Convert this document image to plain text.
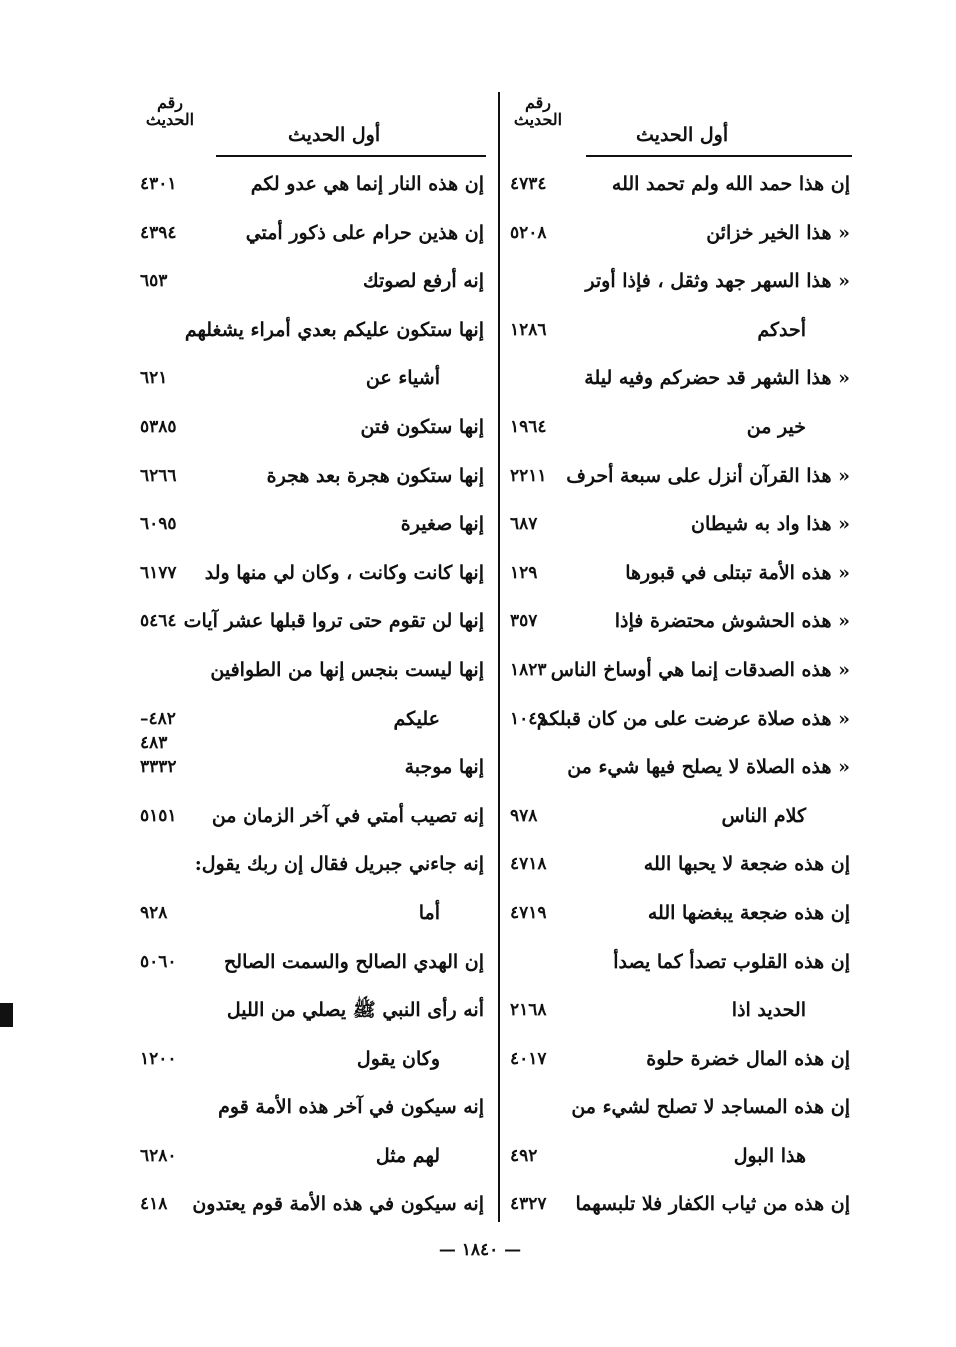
رقم
الحديث
أول الحديث
إن هذا حمد الله ولم تحمد الله
٤٧٣٤
« هذا الخير خزائن
٥٢٠٨
« هذا السهر جهد وثقل ، فإذا أوتر
أحدكم
١٢٨٦
« هذا الشهر قد حضركم وفيه ليلة
خير من
١٩٦٤
« هذا القرآن أنزل على سبعة أحرف
٢٢١١
« هذا واد به شيطان
٦٨٧
« هذه الأمة تبتلى في قبورها
١٢٩
« هذه الحشوش محتضرة فإذا
٣٥٧
« هذه الصدقات إنما هي أوساخ الناس
١٨٢٣
« هذه صلاة عرضت على من كان قبلكم
١٠٤٩
« هذه الصلاة لا يصلح فيها شيء من
كلام الناس
٩٧٨
إن هذه ضجعة لا يحبها الله
٤٧١٨
إن هذه ضجعة يبغضها الله
٤٧١٩
إن هذه القلوب تصدأ كما يصدأ
الحديد اذا
٢١٦٨
إن هذه المال خضرة حلوة
٤٠١٧
إن هذه المساجد لا تصلح لشيء من
هذا البول
٤٩٢
إن هذه من ثياب الكفار فلا تلبسهما
٤٣٢٧
رقم
الحديث
أول الحديث
إن هذه النار إنما هي عدو لكم
٤٣٠١
إن هذين حرام على ذكور أمتي
٤٣٩٤
إنه أرفع لصوتك
٦٥٣
إنها ستكون عليكم بعدي أمراء يشغلهم
أشياء عن
٦٢١
إنها ستكون فتن
٥٣٨٥
إنها ستكون هجرة بعد هجرة
٦٢٦٦
إنها صغيرة
٦٠٩٥
إنها كانت وكانت ، وكان لي منها ولد
٦١٧٧
إنها لن تقوم حتى تروا قبلها عشر آيات
٥٤٦٤
إنها ليست بنجس إنها من الطوافين
عليكم
٤٨٢–٤٨٣
إنها موجبة
٣٣٣٢
إنه تصيب أمتي في آخر الزمان من
٥١٥١
إنه جاءني جبريل فقال إن ربك يقول:
أما
٩٢٨
إن الهدي الصالح والسمت الصالح
٥٠٦٠
أنه رأى النبي ﷺ يصلي من الليل
وكان يقول
١٢٠٠
إنه سيكون في آخر هذه الأمة قوم
لهم مثل
٦٢٨٠
إنه سيكون في هذه الأمة قوم يعتدون
٤١٨
— ١٨٤٠ —
